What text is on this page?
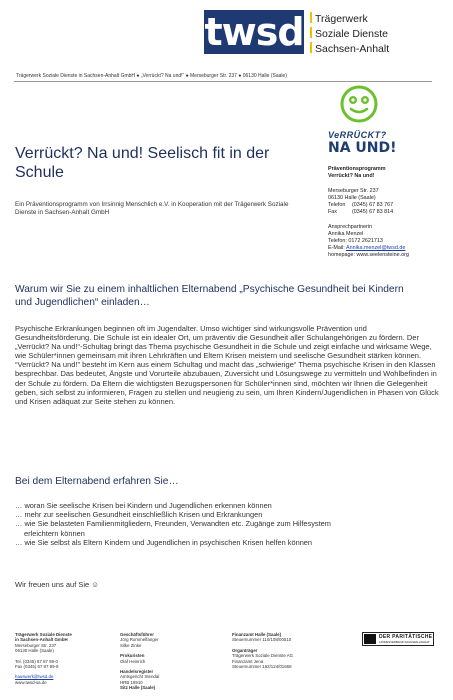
twsd	Trägerwerk
Soziale Dienste
Sachsen-Anhalt
Trägerwerk Soziale Dienste in Sachsen-Anhalt GmbH ● „Verrückt? Na und!“ ● Merseburger Str. 237 ● 06130 Halle (Saale)
VeRRÜCKT?
NA UND!
Präventionsprogramm
Verrückt? Na und!
Merseburger Str. 237
06130 Halle (Saale)
Telefon (0345) 67 83 767
Fax	(0345) 67 83 814
Ansprechpartnerin
Annika Menzel
Telefon: 0172 2621713
E-Mail: Annika.menzel@twsd.de
homepage: www.seelensteine.org
Verrückt? Na und! Seelisch fit in der Schule
Ein Präventionsprogramm von Irrsinnig Menschlich e.V. in Kooperation mit der Trägerwerk Soziale Dienste in Sachsen-Anhalt GmbH
Warum wir Sie zu einem inhaltlichen Elternabend „Psychische Gesundheit bei Kindern und Jugendlichen“ einladen…
Psychische Erkrankungen beginnen oft im Jugendalter. Umso wichtiger sind wirkungsvolle Prävention und Gesundheitsförderung. Die Schule ist ein idealer Ort, um präventiv die Gesundheit aller Schulangehörigen zu fördern. Der „Verrückt? Na und!“-Schultag bringt das Thema psychische Gesundheit in die Schule und zeigt einfache und wirksame Wege, wie Schüler*innen gemeinsam mit ihren Lehrkräften und Eltern Krisen meistern und seelische Gesundheit stärken können. “Verrückt? Na und!” besteht im Kern aus einem Schultag und macht das „schwierige“ Thema psychische Krisen in den Klassen besprechbar. Das bedeutet, Ängste und Vorurteile abzubauen, Zuversicht und Lösungswege zu vermitteln und Wohlbefinden in der Schule zu fördern. Da Eltern die wichtigsten Bezugspersonen für Schüler*innen sind, möchten wir Ihnen die Gelegenheit geben, sich selbst zu informieren, Fragen zu stellen und neugierig zu sein, um Ihren Kindern/Jugendlichen in Phasen von Glück und Krisen adäquat zur Seite stehen zu können.
Bei dem Elternabend erfahren Sie…
… woran Sie seelische Krisen bei Kindern und Jugendlichen erkennen können
… mehr zur seelischen Gesundheit einschließlich Krisen und Erkrankungen
… wie Sie belasteten Familienmitgliedern, Freunden, Verwandten etc. Zugänge zum Hilfesystem
erleichtern können
… wie Sie selbst als Eltern Kindern und Jugendlichen in psychischen Krisen helfen können
Wir freuen uns auf Sie ☺
Trägerwerk Soziale Dienste
in Sachsen-Anhalt GmbH
Merseburger Str. 237
06130 Halle (Saale)
Tel. (0345) 67 87 99-0
Fax (0345) 67 87 99-9
hauswerk@twsd.de
www.twsd-sa.de
Geschäftsführer
Jörg Rommelfanger
Silke Zinke
Prokuristen
Olaf Heinrich
Handelsregister
Amtsgericht Stendal
HRB 19910
Sitz Halle (Saale)
Finanzamt Halle (Saale)
Steuernummer 110/108/00510
Organträger
Trägerwerk Soziale Dienste AG
Finanzamt Jena
Steuernummer 162/124/01668
DER PARITÄTISCHE
LANDESVERBAND SACHSEN-ANHALT
